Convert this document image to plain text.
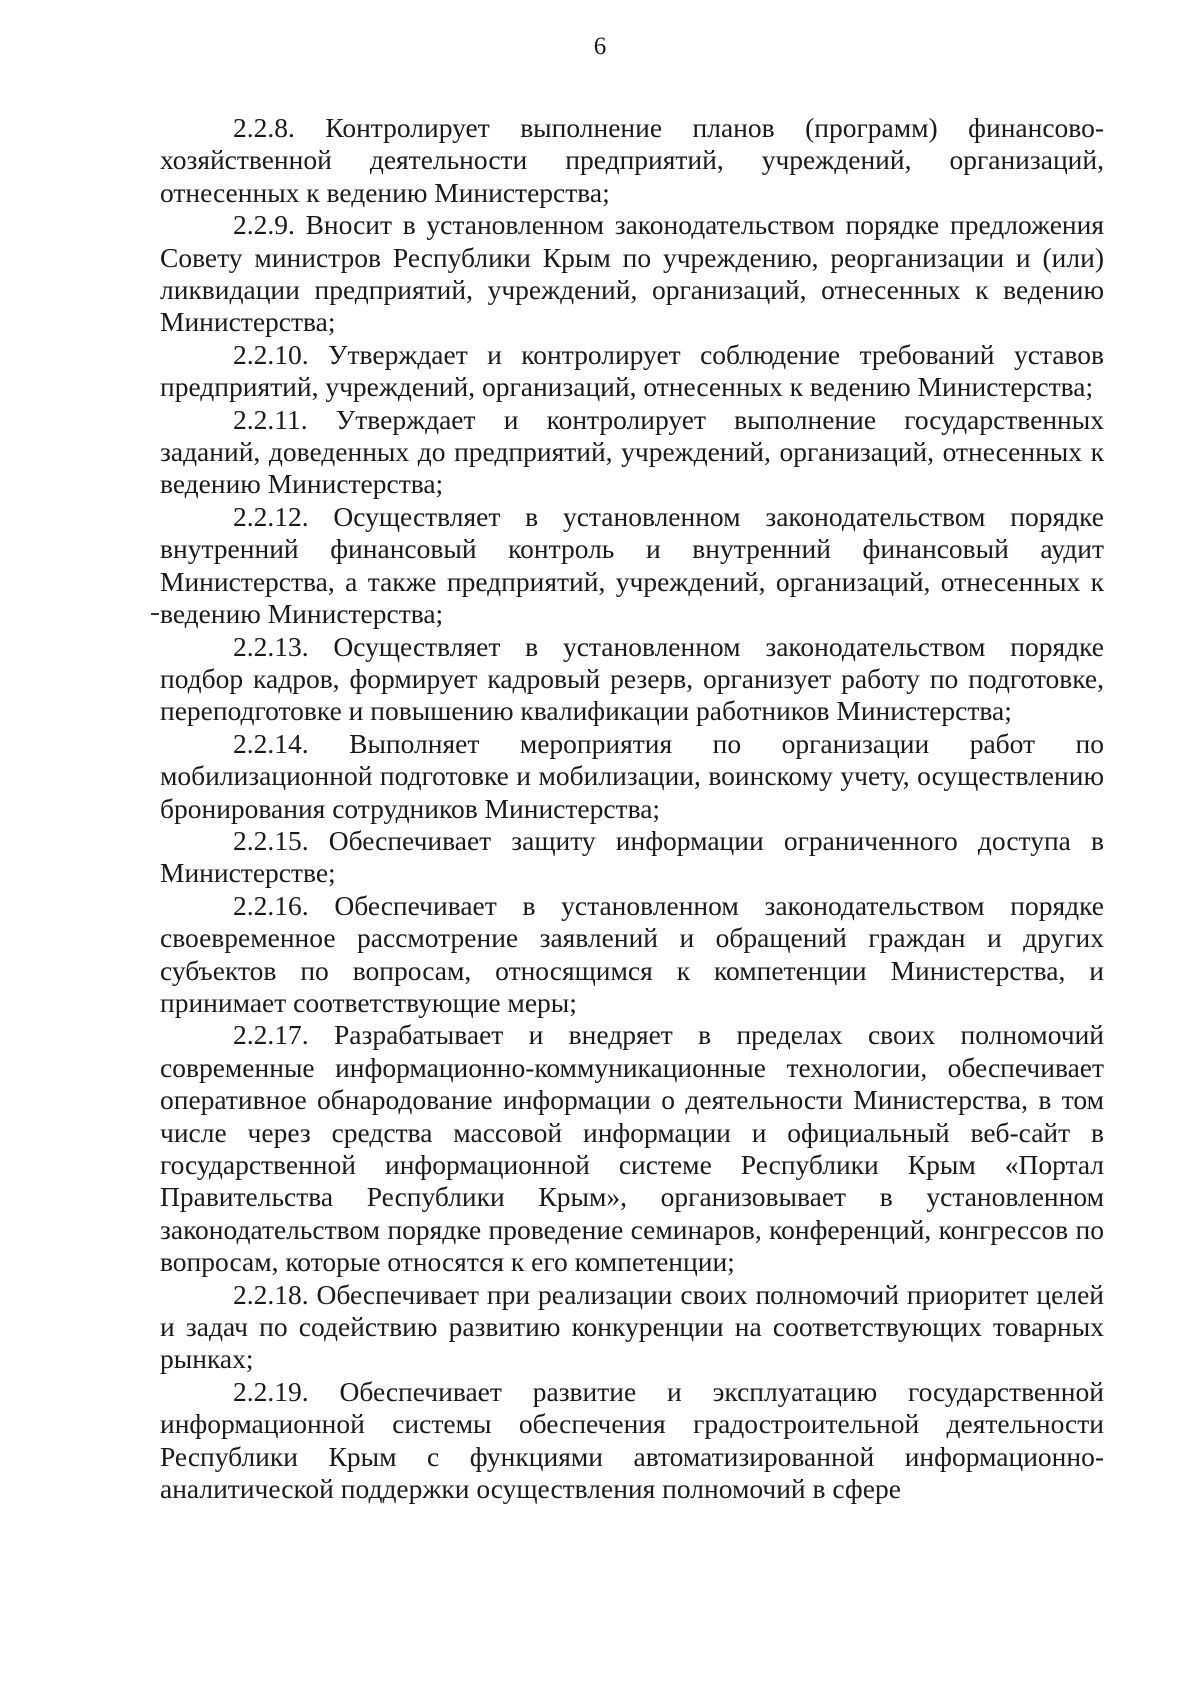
6

2.2.8. Контролирует выполнение планов (программ) финансово-хозяйственной деятельности предприятий, учреждений, организаций, отнесенных к ведению Министерства;

2.2.9. Вносит в установленном законодательством порядке предложения Совету министров Республики Крым по учреждению, реорганизации и (или) ликвидации предприятий, учреждений, организаций, отнесенных к ведению Министерства;

2.2.10. Утверждает и контролирует соблюдение требований уставов предприятий, учреждений, организаций, отнесенных к ведению Министерства;

2.2.11. Утверждает и контролирует выполнение государственных заданий, доведенных до предприятий, учреждений, организаций, отнесенных к ведению Министерства;

2.2.12. Осуществляет в установленном законодательством порядке внутренний финансовый контроль и внутренний финансовый аудит Министерства, а также предприятий, учреждений, организаций, отнесенных к ведению Министерства;

2.2.13. Осуществляет в установленном законодательством порядке подбор кадров, формирует кадровый резерв, организует работу по подготовке, переподготовке и повышению квалификации работников Министерства;

2.2.14. Выполняет мероприятия по организации работ по мобилизационной подготовке и мобилизации, воинскому учету, осуществлению бронирования сотрудников Министерства;

2.2.15. Обеспечивает защиту информации ограниченного доступа в Министерстве;

2.2.16. Обеспечивает в установленном законодательством порядке своевременное рассмотрение заявлений и обращений граждан и других субъектов по вопросам, относящимся к компетенции Министерства, и принимает соответствующие меры;

2.2.17. Разрабатывает и внедряет в пределах своих полномочий современные информационно-коммуникационные технологии, обеспечивает оперативное обнародование информации о деятельности Министерства, в том числе через средства массовой информации и официальный веб-сайт в государственной информационной системе Республики Крым «Портал Правительства Республики Крым», организовывает в установленном законодательством порядке проведение семинаров, конференций, конгрессов по вопросам, которые относятся к его компетенции;

2.2.18. Обеспечивает при реализации своих полномочий приоритет целей и задач по содействию развитию конкуренции на соответствующих товарных рынках;

2.2.19. Обеспечивает развитие и эксплуатацию государственной информационной системы обеспечения градостроительной деятельности Республики Крым с функциями автоматизированной информационно-аналитической поддержки осуществления полномочий в сфере
